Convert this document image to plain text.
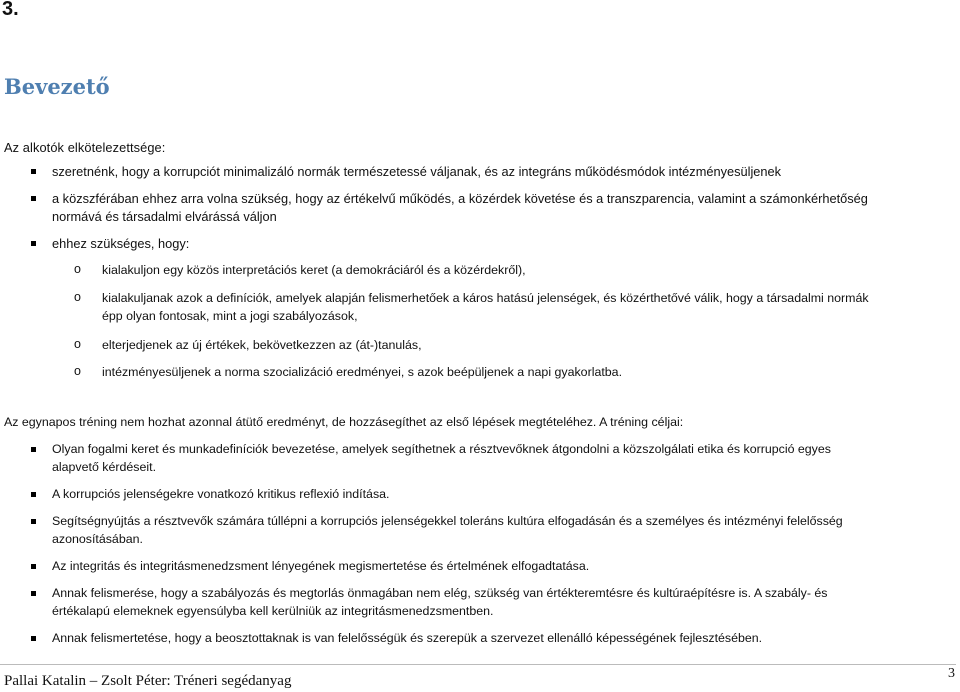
3.
Bevezető
Az alkotók elkötelezettsége:
szeretnénk, hogy a korrupciót minimalizáló normák természetessé váljanak, és az integráns működésmódok intézményesüljenek
a közszférában ehhez arra volna szükség, hogy az értékelvű működés, a közérdek követése és a transzparencia, valamint a számonkérhetőség
normává és társadalmi elvárássá váljon
ehhez szükséges, hogy:
o kialakuljon egy közös interpretációs keret (a demokráciáról és a közérdekről),
o kialakuljanak azok a definíciók, amelyek alapján felismerhetőek a káros hatású jelenségek, és közérthetővé válik, hogy a társadalmi normák
épp olyan fontosak, mint a jogi szabályozások,
o elterjedjenek az új értékek, bekövetkezzen az (át-)tanulás,
o intézményesüljenek a norma szocializáció eredményei, s azok beépüljenek a napi gyakorlatba.
Az egynapos tréning nem hozhat azonnal átütő eredményt, de hozzásegíthet az első lépések megtételéhez. A tréning céljai:
Olyan fogalmi keret és munkadefiníciók bevezetése, amelyek segíthetnek a résztvevőknek átgondolni a közszolgálati etika és korrupció egyes
alapvető kérdéseit.
A korrupciós jelenségekre vonatkozó kritikus reflexió indítása.
Segítségnyújtás a résztvevők számára túllépni a korrupciós jelenségekkel toleráns kultúra elfogadásán és a személyes és intézményi felelősség
azonosításában.
Az integritás és integritásmenedzsment lényegének megismertetése és értelmének elfogadtatása.
Annak felismerése, hogy a szabályozás és megtorlás önmagában nem elég, szükség van értékteremtésre és kultúraépítésre is. A szabály- és
értékalapú elemeknek egyensúlyba kell kerülniük az integritásmenedzsmentben.
Annak felismertetése, hogy a beosztottaknak is van felelősségük és szerepük a szervezet ellenálló képességének fejlesztésében.
Pallai Katalin – Zsolt Péter: Tréneri segédanyag	3
